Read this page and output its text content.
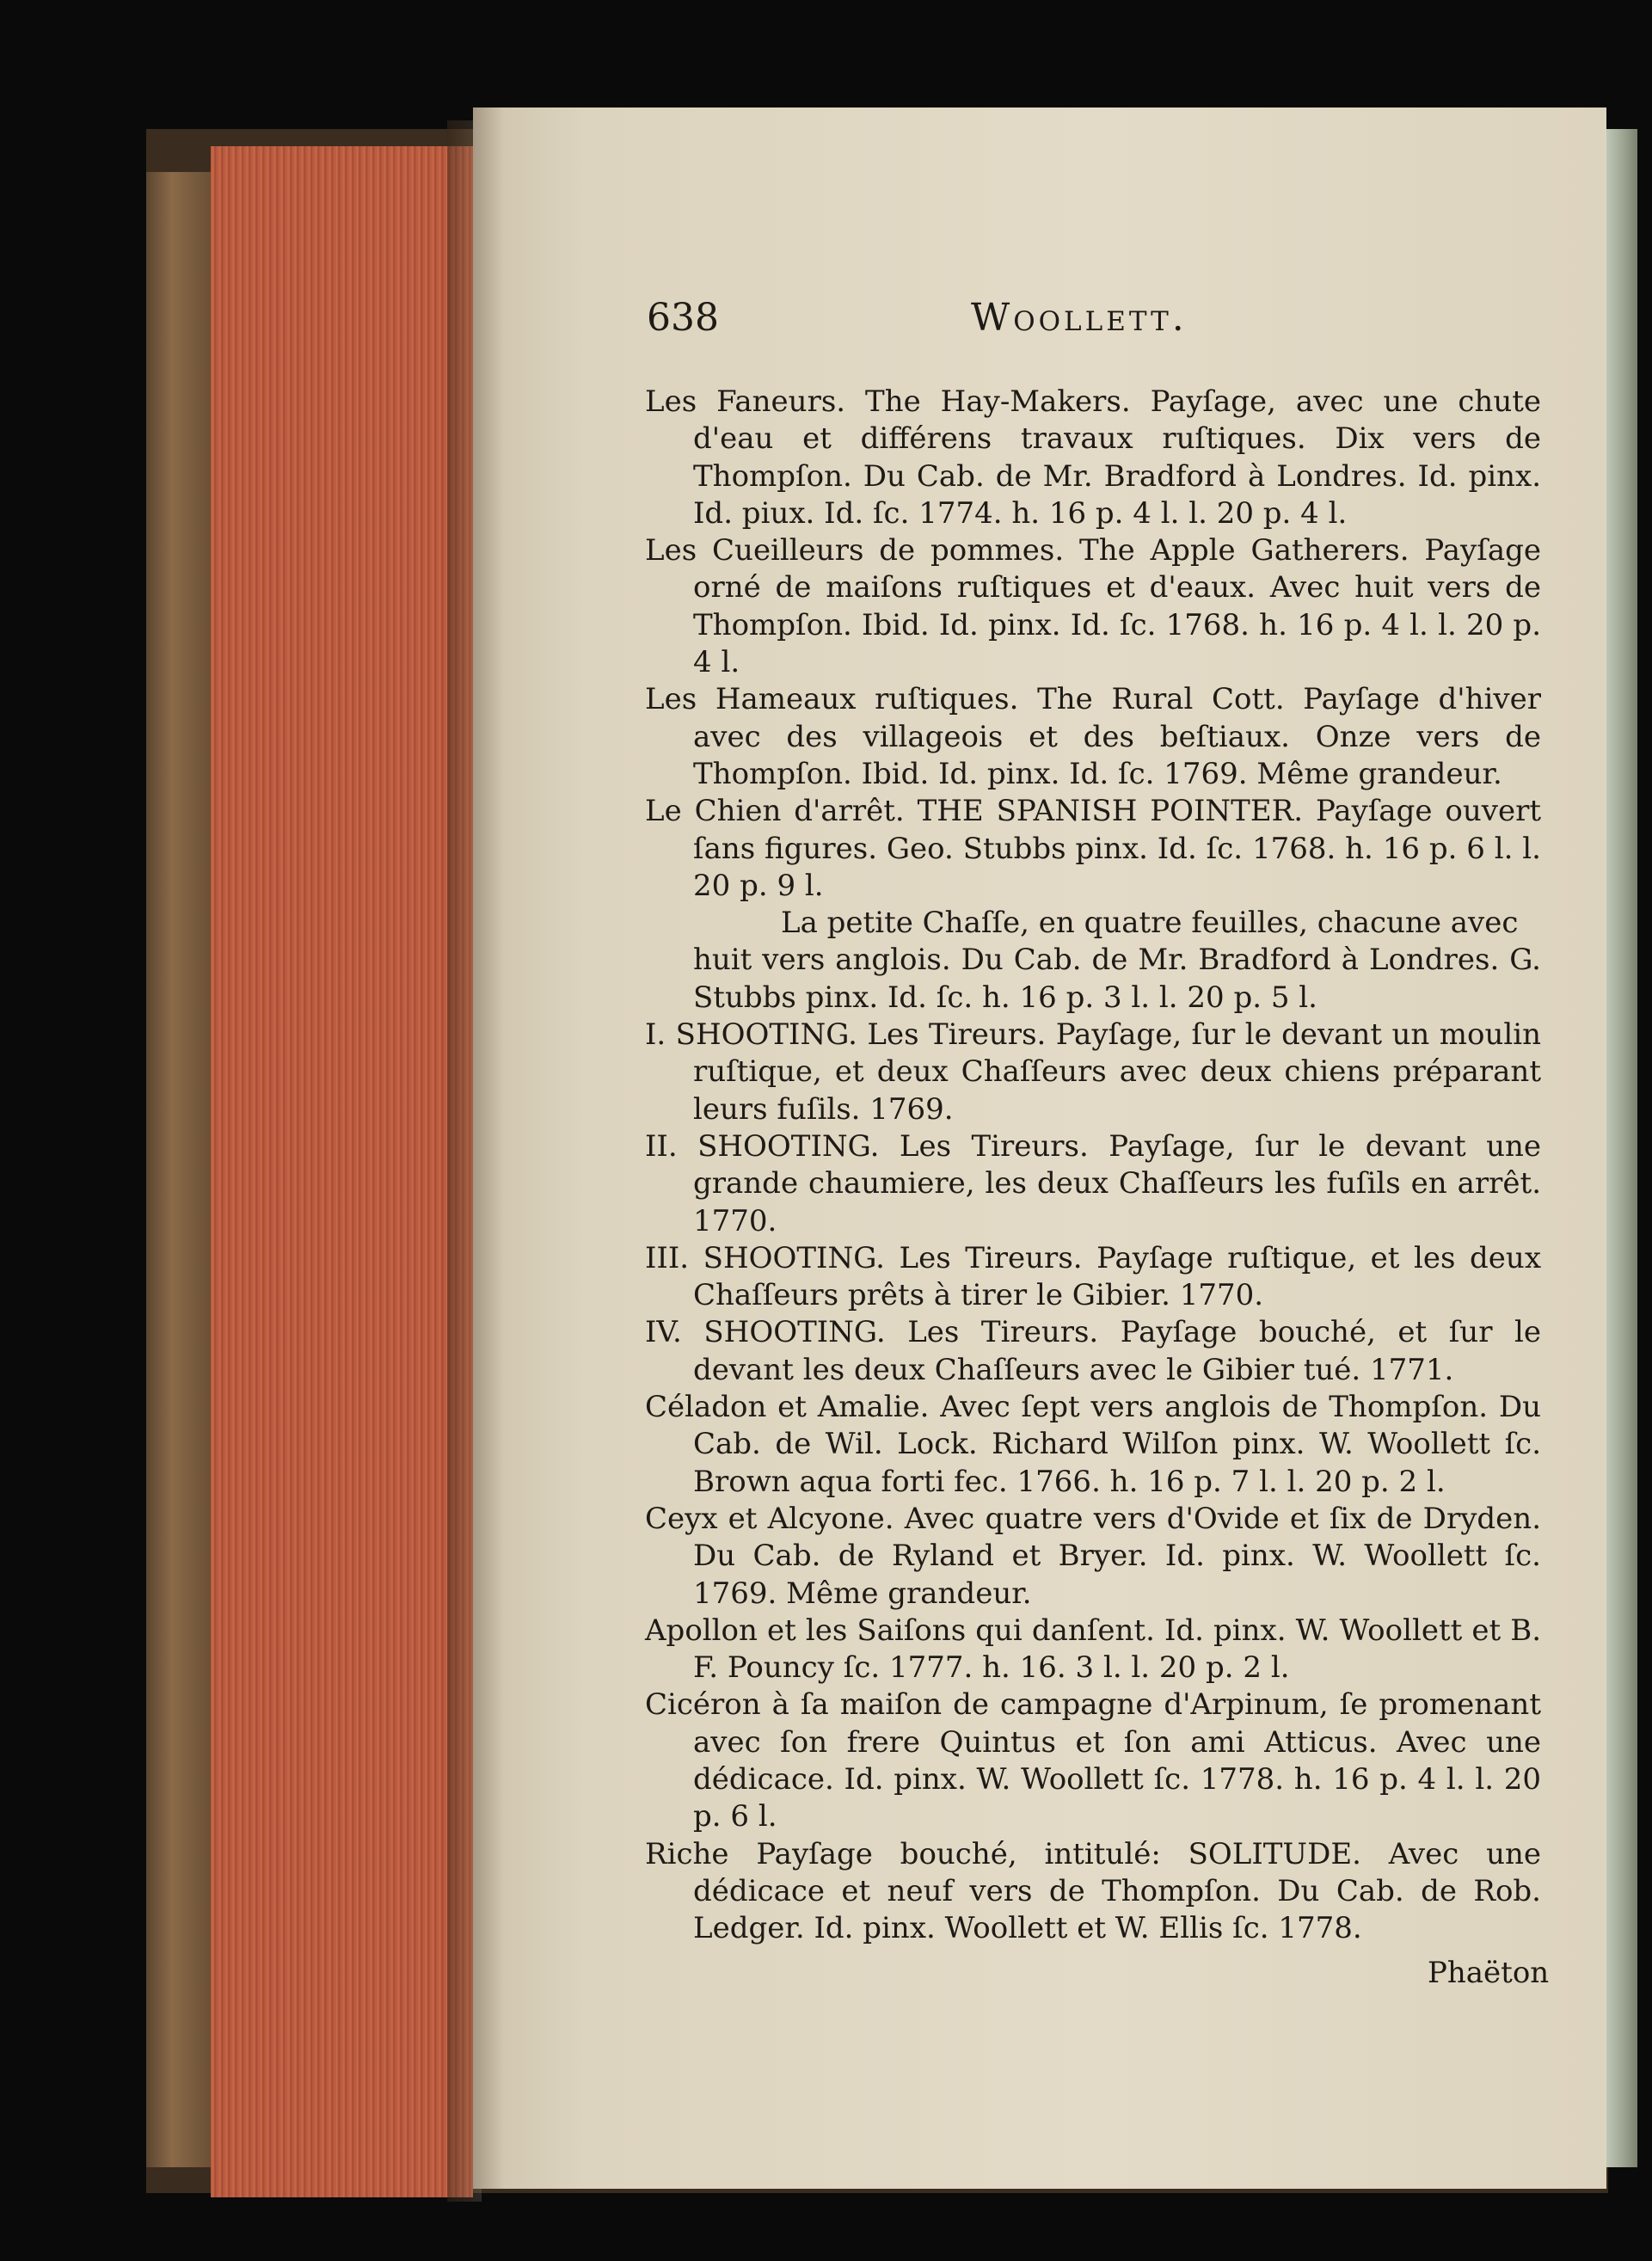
638	Woollett.

Les Faneurs. The Hay-Makers. Payſage, avec une chute d'eau et différens travaux ruſtiques. Dix vers de Thompſon. Du Cab. de Mr. Bradford à Londres. Id. pinx. Id. piux. Id. ſc. 1774. h. 16 p. 4 l. l. 20 p. 4 l.

Les Cueilleurs de pommes. The Apple Gatherers. Payſage orné de maiſons ruſtiques et d'eaux. Avec huit vers de Thompſon. Ibid. Id. pinx. Id. ſc. 1768. h. 16 p. 4 l. l. 20 p. 4 l.

Les Hameaux ruſtiques. The Rural Cott. Payſage d'hiver avec des villageois et des beſtiaux. Onze vers de Thompſon. Ibid. Id. pinx. Id. ſc. 1769. Même grandeur.

Le Chien d'arrêt. THE SPANISH POINTER. Payſage ouvert ſans figures. Geo. Stubbs pinx. Id. ſc. 1768. h. 16 p. 6 l. l. 20 p. 9 l.

La petite Chaſſe, en quatre feuilles, chacune avec
huit vers anglois. Du Cab. de Mr. Bradford à Londres. G. Stubbs pinx. Id. ſc. h. 16 p. 3 l. l. 20 p. 5 l.

I. SHOOTING. Les Tireurs. Payſage, ſur le devant un moulin ruſtique, et deux Chaſſeurs avec deux chiens préparant leurs fuſils. 1769.

II. SHOOTING. Les Tireurs. Payſage, ſur le devant une grande chaumiere, les deux Chaſſeurs les fuſils en arrêt. 1770.

III. SHOOTING. Les Tireurs. Payſage ruſtique, et les deux Chaſſeurs prêts à tirer le Gibier. 1770.

IV. SHOOTING. Les Tireurs. Payſage bouché, et ſur le devant les deux Chaſſeurs avec le Gibier tué. 1771.

Céladon et Amalie. Avec ſept vers anglois de Thompſon. Du Cab. de Wil. Lock. Richard Wilſon pinx. W. Woollett ſc. Brown aqua forti fec. 1766. h. 16 p. 7 l. l. 20 p. 2 l.

Ceyx et Alcyone. Avec quatre vers d'Ovide et ſix de Dryden. Du Cab. de Ryland et Bryer. Id. pinx. W. Woollett ſc. 1769. Même grandeur.

Apollon et les Saiſons qui danſent. Id. pinx. W. Woollett et B. F. Pouncy ſc. 1777. h. 16. 3 l. l. 20 p. 2 l.

Cicéron à ſa maiſon de campagne d'Arpinum, ſe promenant avec ſon frere Quintus et ſon ami Atticus. Avec une dédicace. Id. pinx. W. Woollett ſc. 1778. h. 16 p. 4 l. l. 20 p. 6 l.

Riche Payſage bouché, intitulé: SOLITUDE. Avec une dédicace et neuf vers de Thompſon. Du Cab. de Rob. Ledger. Id. pinx. Woollett et W. Ellis ſc. 1778.

Phaëton
